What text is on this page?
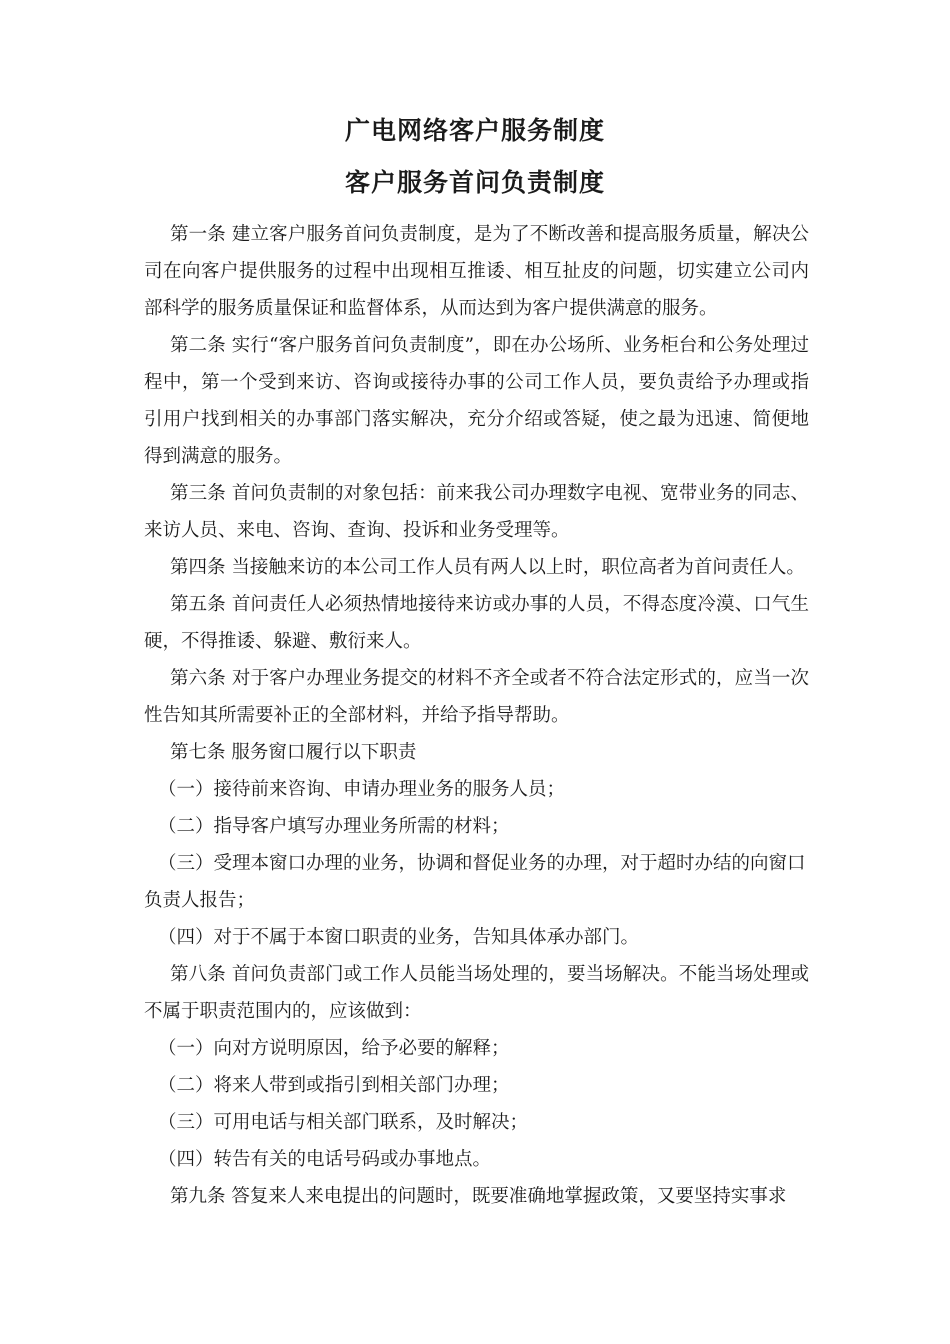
广电网络客户服务制度
客户服务首问负责制度

第一条 建立客户服务首问负责制度，是为了不断改善和提高服务质量，解决公司在向客户提供服务的过程中出现相互推诿、相互扯皮的问题，切实建立公司内部科学的服务质量保证和监督体系，从而达到为客户提供满意的服务。

第二条 实行“客户服务首问负责制度”，即在办公场所、业务柜台和公务处理过程中，第一个受到来访、咨询或接待办事的公司工作人员，要负责给予办理或指引用户找到相关的办事部门落实解决，充分介绍或答疑，使之最为迅速、简便地得到满意的服务。

第三条 首问负责制的对象包括：前来我公司办理数字电视、宽带业务的同志、来访人员、来电、咨询、查询、投诉和业务受理等。

第四条 当接触来访的本公司工作人员有两人以上时，职位高者为首问责任人。

第五条 首问责任人必须热情地接待来访或办事的人员，不得态度冷漠、口气生硬，不得推诿、躲避、敷衍来人。

第六条 对于客户办理业务提交的材料不齐全或者不符合法定形式的，应当一次性告知其所需要补正的全部材料，并给予指导帮助。

第七条 服务窗口履行以下职责

（一）接待前来咨询、申请办理业务的服务人员；

（二）指导客户填写办理业务所需的材料；

（三）受理本窗口办理的业务，协调和督促业务的办理，对于超时办结的向窗口负责人报告；

（四）对于不属于本窗口职责的业务，告知具体承办部门。

第八条 首问负责部门或工作人员能当场处理的，要当场解决。不能当场处理或不属于职责范围内的，应该做到：

（一）向对方说明原因，给予必要的解释；

（二）将来人带到或指引到相关部门办理；

（三）可用电话与相关部门联系，及时解决；

（四）转告有关的电话号码或办事地点。

第九条 答复来人来电提出的问题时，既要准确地掌握政策，又要坚持实事求
